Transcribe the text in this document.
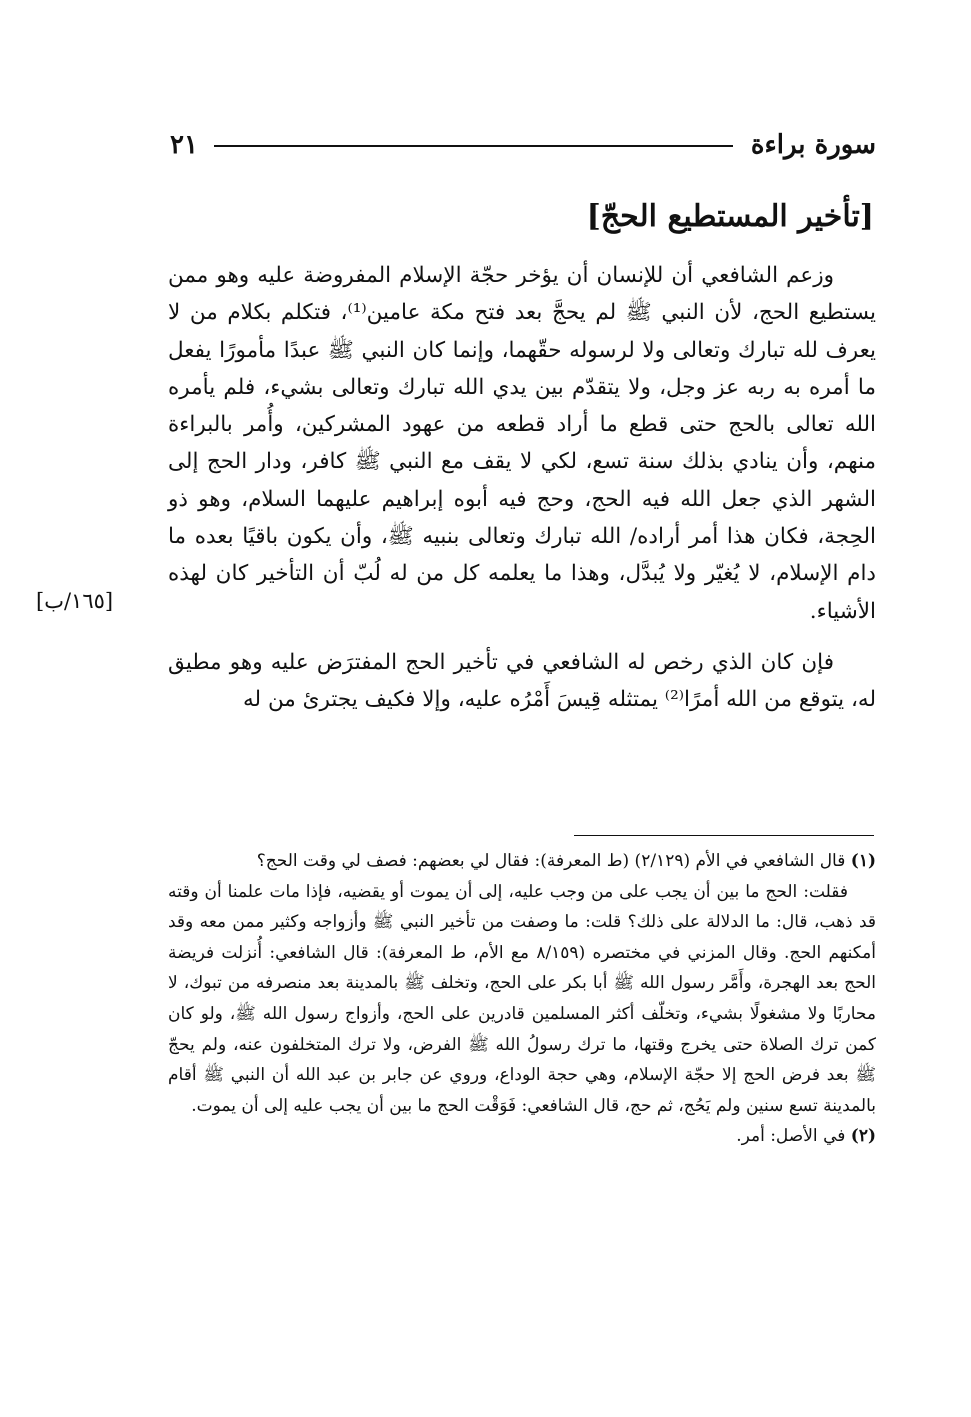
سورة براءة
٢١
[تأخير المستطيع الحجّ]

وزعم الشافعي أن للإنسان أن يؤخر حجّة الإسلام المفروضة عليه وهو ممن يستطيع الحج، لأن النبي ﷺ لم يحجَّ بعد فتح مكة عامين⁽¹⁾، فتكلم بكلام من لا يعرف لله تبارك وتعالى ولا لرسوله حقّهما، وإنما كان النبي ﷺ عبدًا مأمورًا يفعل ما أمره به ربه عز وجل، ولا يتقدّم بين يدي الله تبارك وتعالى بشيء، فلم يأمره الله تعالى بالحج حتى قطع ما أراد قطعه من عهود المشركين، وأُمر بالبراءة منهم، وأن ينادي بذلك سنة تسع، لكي لا يقف مع النبي ﷺ كافر، ودار الحج إلى الشهر الذي جعل الله فيه الحج، وحج فيه أبوه إبراهيم عليهما السلام، وهو ذو الحِجة، فكان هذا أمر أراده/ الله تبارك وتعالى بنبيه ﷺ، وأن يكون باقيًا بعده ما دام الإسلام، لا يُغيّر ولا يُبدَّل، وهذا ما يعلمه كل من له لُبّ أن التأخير كان لهذه الأشياء.

فإن كان الذي رخص له الشافعي في تأخير الحج المفترَض عليه وهو مطيق له، يتوقع من الله أمرًا⁽²⁾ يمتثله قِيسَ أَمْرُه عليه، وإلا فكيف يجترئ من له

[١٦٥/ب]

(١) قال الشافعي في الأم (٢/١٢٩) (ط المعرفة): فقال لي بعضهم: فصف لي وقت الحج؟

فقلت: الحج ما بين أن يجب على من وجب عليه، إلى أن يموت أو يقضيه، فإذا مات علمنا أن وقته قد ذهب، قال: ما الدلالة على ذلك؟ قلت: ما وصفت من تأخير النبي ﷺ وأزواجه وكثير ممن معه وقد أمكنهم الحج. وقال المزني في مختصره (٨/١٥٩ مع الأم، ط المعرفة): قال الشافعي: أُنزلت فريضة الحج بعد الهجرة، وأَمَّر رسول الله ﷺ أبا بكر على الحج، وتخلف ﷺ بالمدينة بعد منصرفه من تبوك، لا محاربًا ولا مشغولًا بشيء، وتخلّف أكثر المسلمين قادرين على الحج، وأزواج رسول الله ﷺ، ولو كان كمن ترك الصلاة حتى يخرج وقتها، ما ترك رسولُ الله ﷺ الفرض، ولا ترك المتخلفون عنه، ولم يحجّ ﷺ بعد فرض الحج إلا حجّة الإسلام، وهي حجة الوداع، وروي عن جابر بن عبد الله أن النبي ﷺ أقام بالمدينة تسع سنين ولم يَحُج، ثم حج، قال الشافعي: فَوَقْت الحج ما بين أن يجب عليه إلى أن يموت.

(٢) في الأصل: أمر.
